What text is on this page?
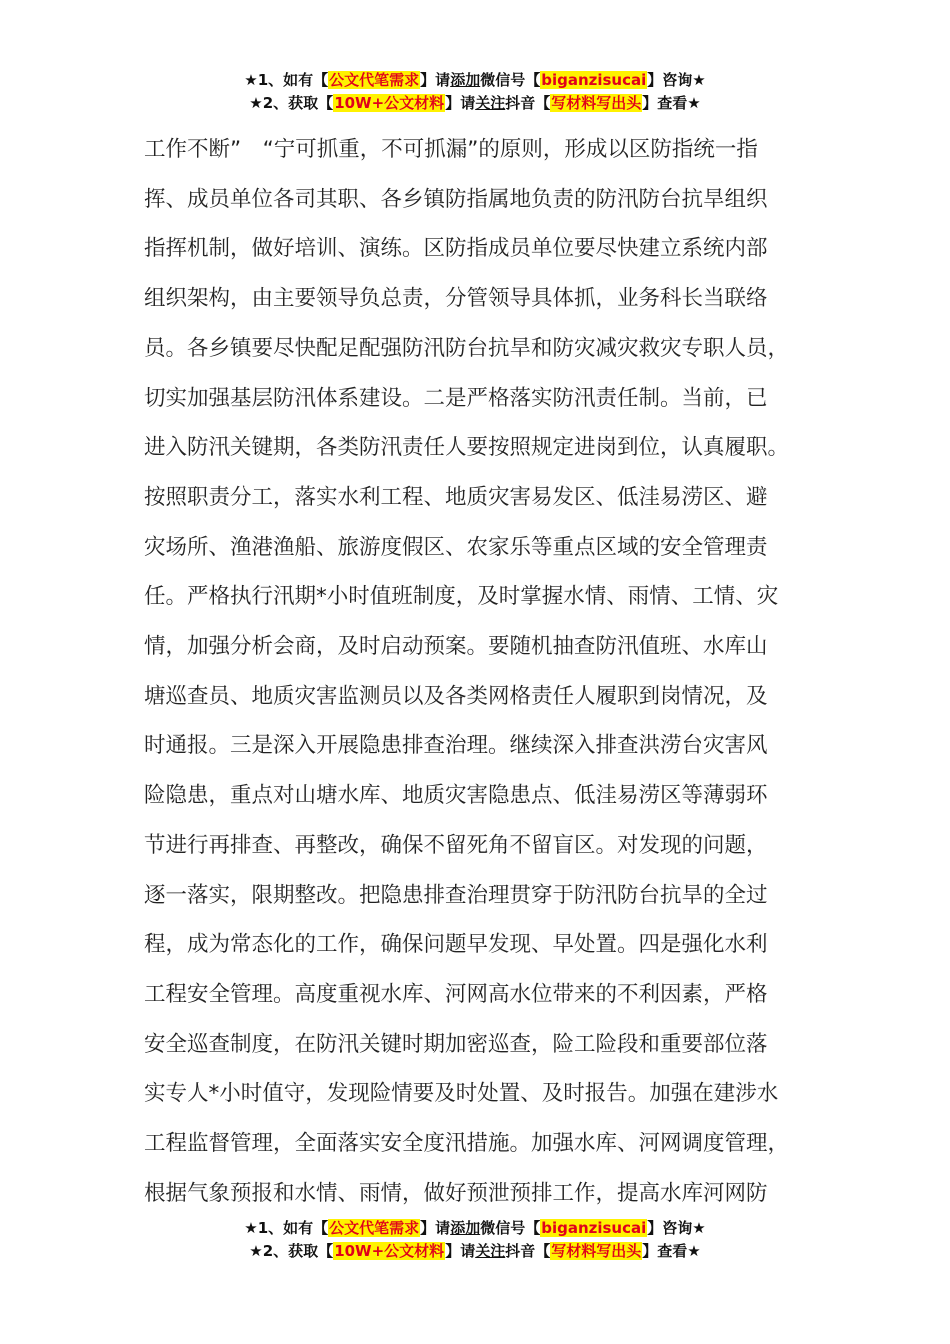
★1、如有【公文代笔需求】请添加微信号【biganzisucai】咨询★
★2、获取【10W+公文材料】请关注抖音【写材料写出头】查看★
工作不断”　“宁可抓重，不可抓漏”的原则，形成以区防指统一指
挥、成员单位各司其职、各乡镇防指属地负责的防汛防台抗旱组织
指挥机制，做好培训、演练。区防指成员单位要尽快建立系统内部
组织架构，由主要领导负总责，分管领导具体抓，业务科长当联络
员。各乡镇要尽快配足配强防汛防台抗旱和防灾减灾救灾专职人员，
切实加强基层防汛体系建设。二是严格落实防汛责任制。当前，已
进入防汛关键期，各类防汛责任人要按照规定进岗到位，认真履职。
按照职责分工，落实水利工程、地质灾害易发区、低洼易涝区、避
灾场所、渔港渔船、旅游度假区、农家乐等重点区域的安全管理责
任。严格执行汛期*小时值班制度，及时掌握水情、雨情、工情、灾
情，加强分析会商，及时启动预案。要随机抽查防汛值班、水库山
塘巡查员、地质灾害监测员以及各类网格责任人履职到岗情况，及
时通报。三是深入开展隐患排查治理。继续深入排查洪涝台灾害风
险隐患，重点对山塘水库、地质灾害隐患点、低洼易涝区等薄弱环
节进行再排查、再整改，确保不留死角不留盲区。对发现的问题，
逐一落实，限期整改。把隐患排查治理贯穿于防汛防台抗旱的全过
程，成为常态化的工作，确保问题早发现、早处置。四是强化水利
工程安全管理。高度重视水库、河网高水位带来的不利因素，严格
安全巡查制度，在防汛关键时期加密巡查，险工险段和重要部位落
实专人*小时值守，发现险情要及时处置、及时报告。加强在建涉水
工程监督管理，全面落实安全度汛措施。加强水库、河网调度管理，
根据气象预报和水情、雨情，做好预泄预排工作，提高水库河网防
★1、如有【公文代笔需求】请添加微信号【biganzisucai】咨询★
★2、获取【10W+公文材料】请关注抖音【写材料写出头】查看★
